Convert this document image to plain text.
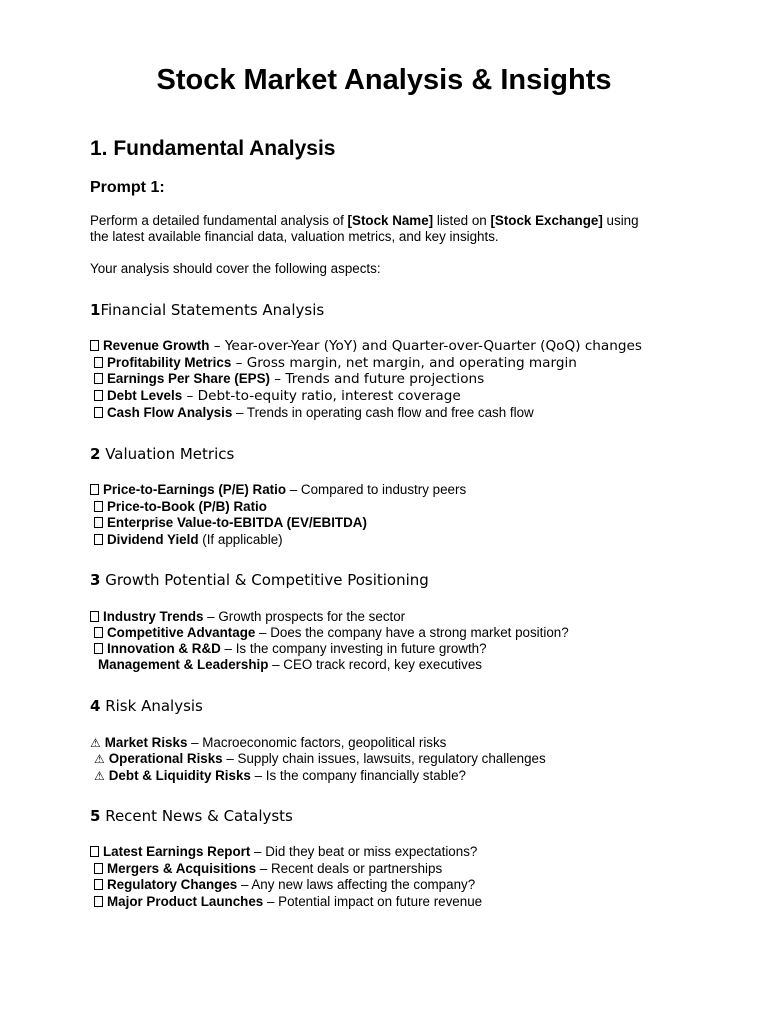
Stock Market Analysis & Insights
1. Fundamental Analysis
Prompt 1:
Perform a detailed fundamental analysis of [Stock Name] listed on [Stock Exchange] using
the latest available financial data, valuation metrics, and key insights.
Your analysis should cover the following aspects:
1Financial Statements Analysis
Revenue Growth – Year-over-Year (YoY) and Quarter-over-Quarter (QoQ) changes
Profitability Metrics – Gross margin, net margin, and operating margin
Earnings Per Share (EPS) – Trends and future projections
Debt Levels – Debt-to-equity ratio, interest coverage
Cash Flow Analysis – Trends in operating cash flow and free cash flow
2 Valuation Metrics
Price-to-Earnings (P/E) Ratio – Compared to industry peers
Price-to-Book (P/B) Ratio
Enterprise Value-to-EBITDA (EV/EBITDA)
Dividend Yield (If applicable)
3 Growth Potential & Competitive Positioning
Industry Trends – Growth prospects for the sector
Competitive Advantage – Does the company have a strong market position?
Innovation & R&D – Is the company investing in future growth?
Management & Leadership – CEO track record, key executives
4 Risk Analysis
⚠ Market Risks – Macroeconomic factors, geopolitical risks
⚠ Operational Risks – Supply chain issues, lawsuits, regulatory challenges
⚠ Debt & Liquidity Risks – Is the company financially stable?
5 Recent News & Catalysts
Latest Earnings Report – Did they beat or miss expectations?
Mergers & Acquisitions – Recent deals or partnerships
Regulatory Changes – Any new laws affecting the company?
Major Product Launches – Potential impact on future revenue
